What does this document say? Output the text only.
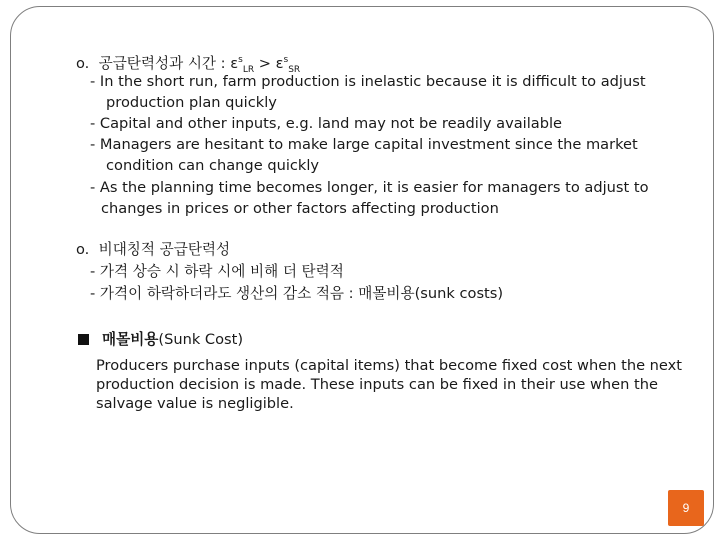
o. 공급탄력성과 시간 : $\varepsilon^s_{LR} > \varepsilon^s_{SR}$
- In the short run, farm production is inelastic because it is difficult to adjust
production plan quickly
- Capital and other inputs, e.g. land may not be readily available
- Managers are hesitant to make large capital investment since the market
condition can change quickly
- As the planning time becomes longer, it is easier for managers to adjust to
changes in prices or other factors affecting production
o. 비대칭적 공급탄력성
- 가격 상승 시 하락 시에 비해 더 탄력적
- 가격이 하락하더라도 생산의 감소 적음 : 매몰비용(sunk costs)
매몰비용(Sunk Cost)
Producers purchase inputs (capital items) that become fixed cost when the next
production decision is made. These inputs can be fixed in their use when the
salvage value is negligible.
9
